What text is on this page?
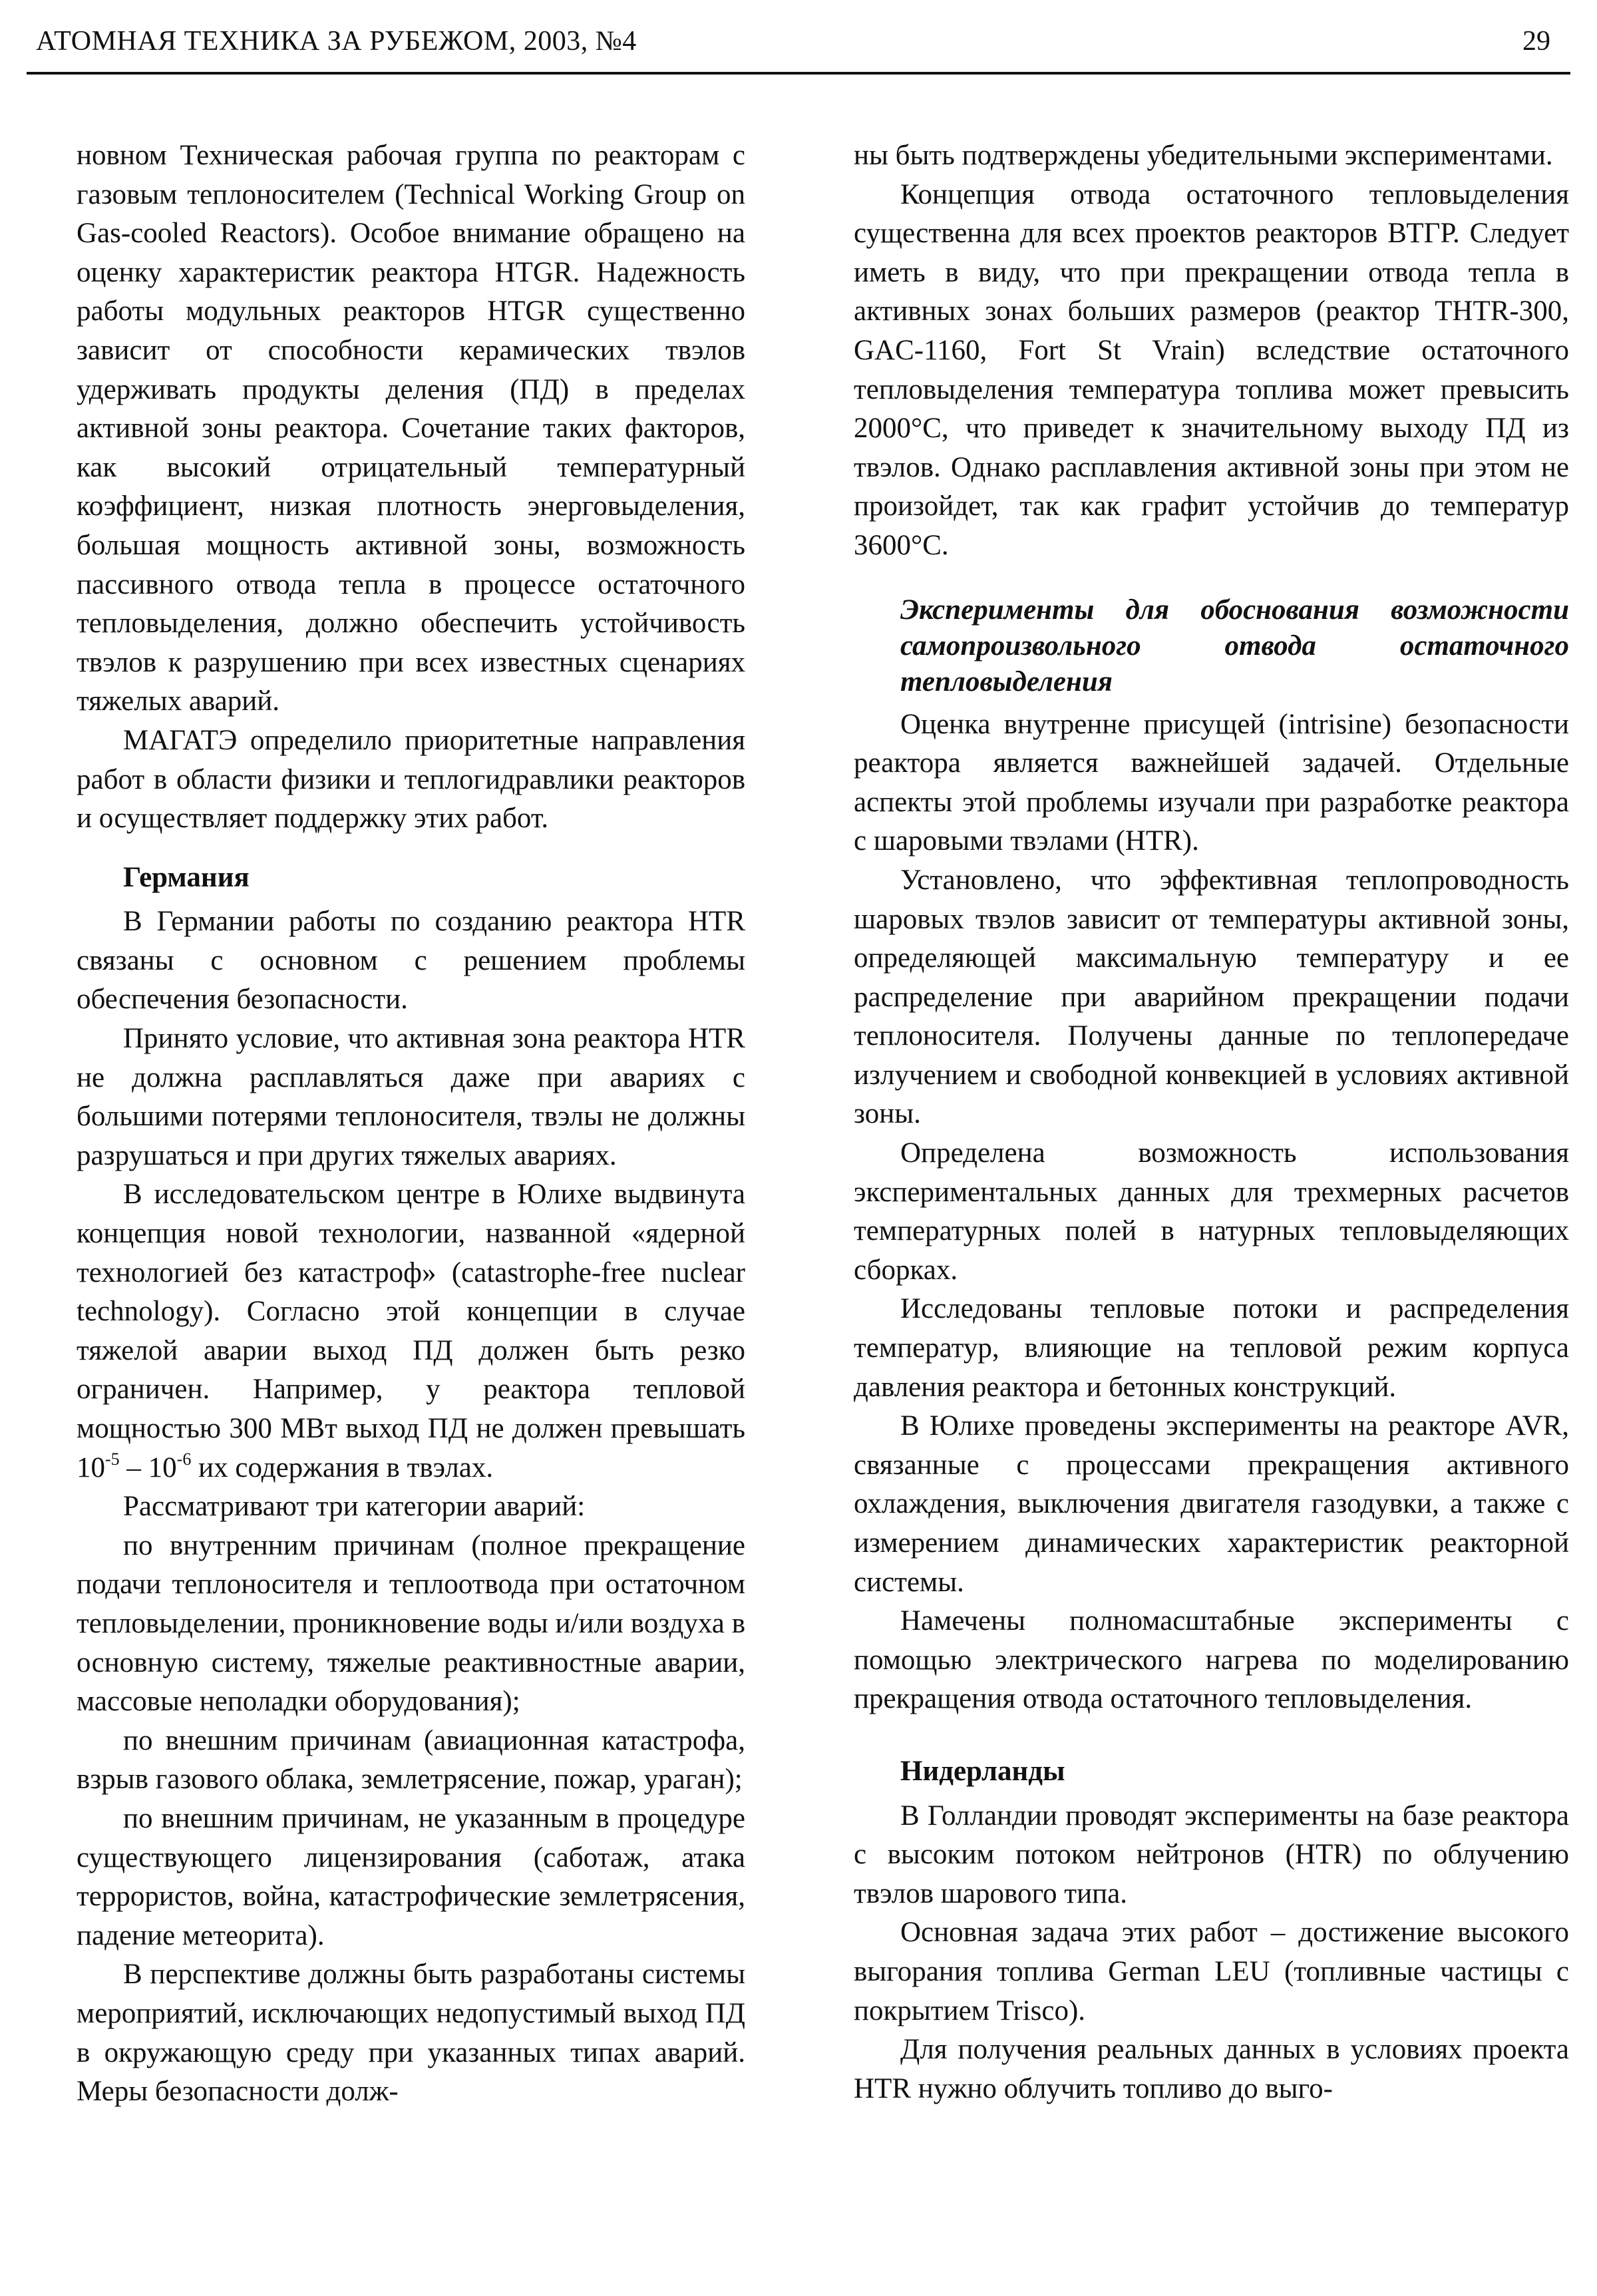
АТОМНАЯ ТЕХНИКА ЗА РУБЕЖОМ, 2003, №4	29

новном Техническая рабочая группа по реакторам с газовым теплоносителем (Technical Working Group on Gas-cooled Reactors). Особое внимание обращено на оценку характеристик реактора HTGR. Надежность работы модульных реакторов HTGR существенно зависит от способности керамических твэлов удерживать продукты деления (ПД) в пределах активной зоны реактора. Сочетание таких факторов, как высокий отрицательный температурный коэффициент, низкая плотность энерговыделения, большая мощность активной зоны, возможность пассивного отвода тепла в процессе остаточного тепловыделения, должно обеспечить устойчивость твэлов к разрушению при всех известных сценариях тяжелых аварий.

МАГАТЭ определило приоритетные направления работ в области физики и теплогидравлики реакторов и осуществляет поддержку этих работ.

Германия

В Германии работы по созданию реактора HTR связаны с основном с решением проблемы обеспечения безопасности.

Принято условие, что активная зона реактора HTR не должна расплавляться даже при авариях с большими потерями теплоносителя, твэлы не должны разрушаться и при других тяжелых авариях.

В исследовательском центре в Юлихе выдвинута концепция новой технологии, названной «ядерной технологией без катастроф» (catastrophe-free nuclear technology). Согласно этой концепции в случае тяжелой аварии выход ПД должен быть резко ограничен. Например, у реактора тепловой мощностью 300 МВт выход ПД не должен превышать $10^{-5} - 10^{-6}$ их содержания в твэлах.

Рассматривают три категории аварий:

по внутренним причинам (полное прекращение подачи теплоносителя и теплоотвода при остаточном тепловыделении, проникновение воды и/или воздуха в основную систему, тяжелые реактивностные аварии, массовые неполадки оборудования);

по внешним причинам (авиационная катастрофа, взрыв газового облака, землетрясение, пожар, ураган);

по внешним причинам, не указанным в процедуре существующего лицензирования (саботаж, атака террористов, война, катастрофические землетрясения, падение метеорита).

В перспективе должны быть разработаны системы мероприятий, исключающих недопустимый выход ПД в окружающую среду при указанных типах аварий. Меры безопасности долж-

ны быть подтверждены убедительными экспериментами.

Концепция отвода остаточного тепловыделения существенна для всех проектов реакторов ВТГР. Следует иметь в виду, что при прекращении отвода тепла в активных зонах больших размеров (реактор THTR-300, GAC-1160, Fort St Vrain) вследствие остаточного тепловыделения температура топлива может превысить 2000°С, что приведет к значительному выходу ПД из твэлов. Однако расплавления активной зоны при этом не произойдет, так как графит устойчив до температур 3600°С.

Эксперименты для обоснования возможности самопроизвольного отвода остаточного тепловыделения

Оценка внутренне присущей (intrisine) безопасности реактора является важнейшей задачей. Отдельные аспекты этой проблемы изучали при разработке реактора с шаровыми твэлами (HTR).

Установлено, что эффективная теплопроводность шаровых твэлов зависит от температуры активной зоны, определяющей максимальную температуру и ее распределение при аварийном прекращении подачи теплоносителя. Получены данные по теплопередаче излучением и свободной конвекцией в условиях активной зоны.

Определена возможность использования экспериментальных данных для трехмерных расчетов температурных полей в натурных тепловыделяющих сборках.

Исследованы тепловые потоки и распределения температур, влияющие на тепловой режим корпуса давления реактора и бетонных конструкций.

В Юлихе проведены эксперименты на реакторе AVR, связанные с процессами прекращения активного охлаждения, выключения двигателя газодувки, а также с измерением динамических характеристик реакторной системы.

Намечены полномасштабные эксперименты с помощью электрического нагрева по моделированию прекращения отвода остаточного тепловыделения.

Нидерланды

В Голландии проводят эксперименты на базе реактора с высоким потоком нейтронов (HTR) по облучению твэлов шарового типа.

Основная задача этих работ – достижение высокого выгорания топлива German LEU (топливные частицы с покрытием Trisco).

Для получения реальных данных в условиях проекта HTR нужно облучить топливо до выго-
